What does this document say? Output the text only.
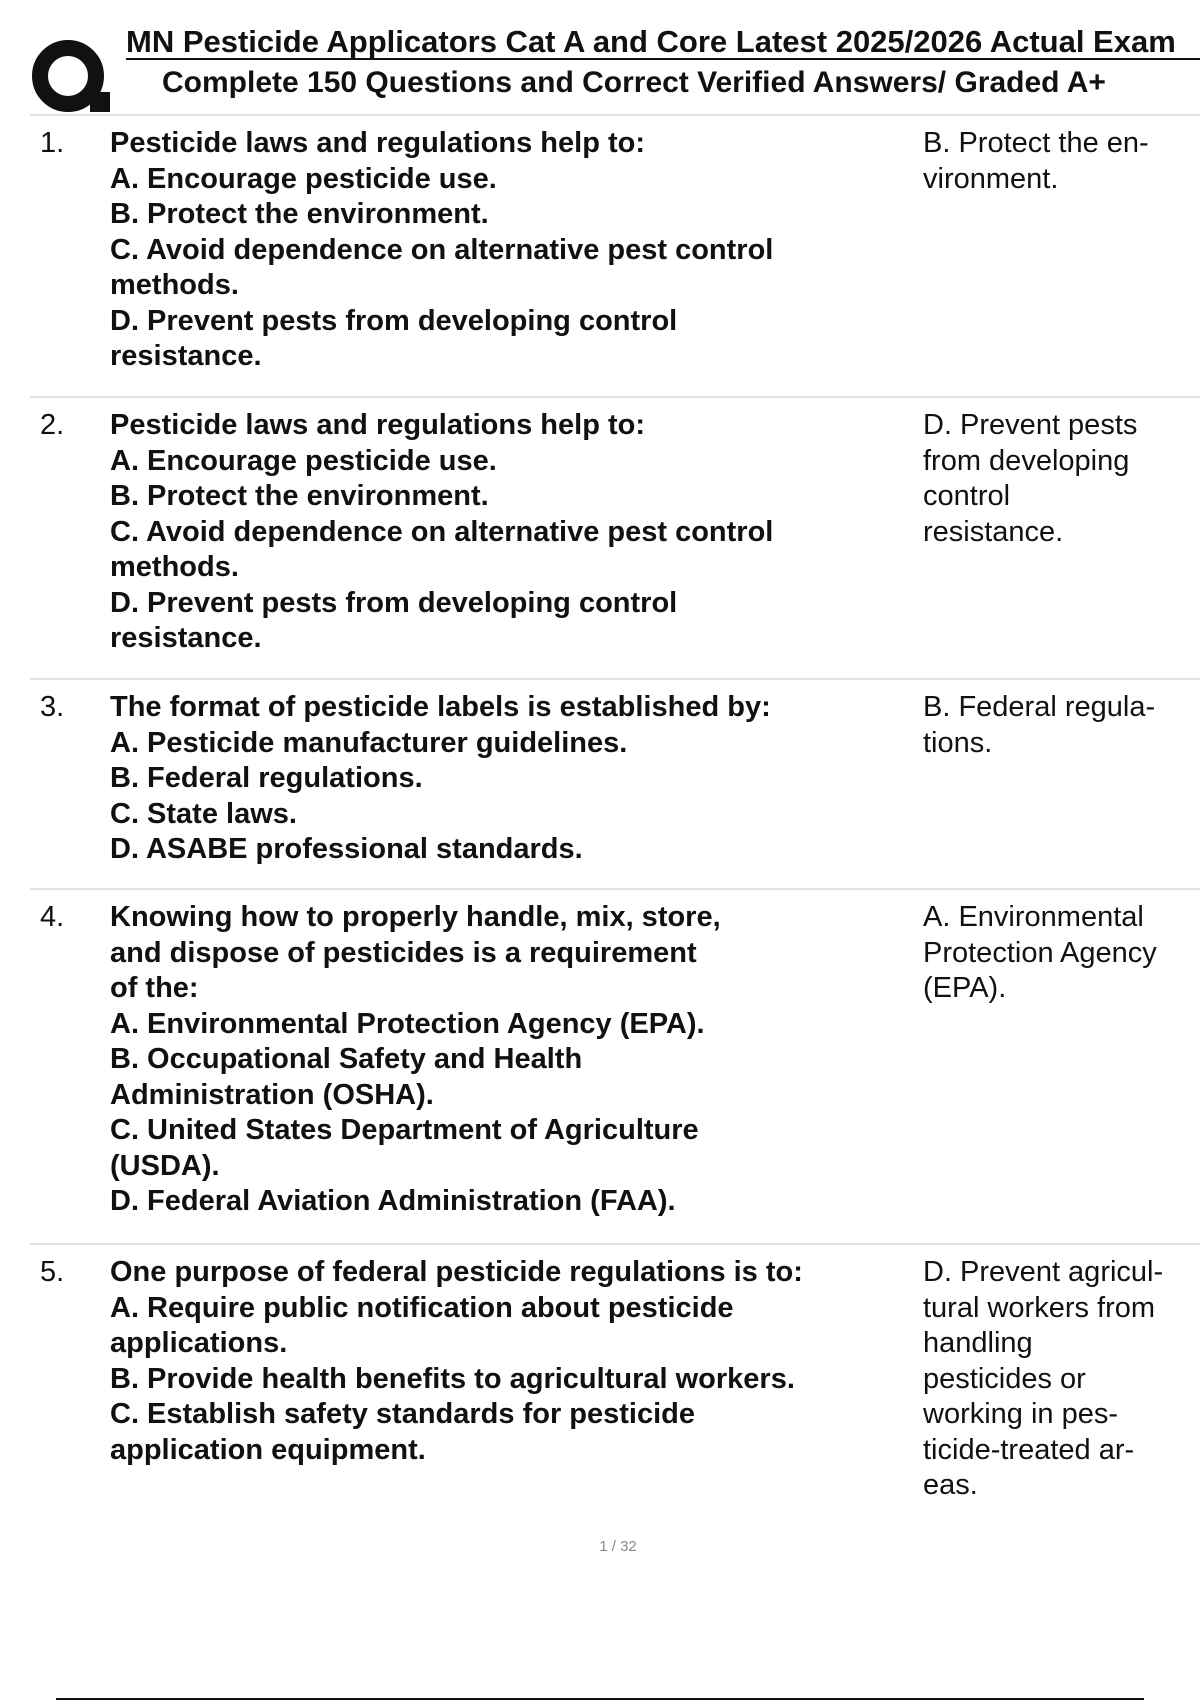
MN Pesticide Applicators Cat A and Core Latest 2025/2026 Actual Exam
Complete 150 Questions and Correct Verified Answers/ Graded A+
1. Pesticide laws and regulations help to:
A. Encourage pesticide use.
B. Protect the environment.
C. Avoid dependence on alternative pest control
methods.
D. Prevent pests from developing control
resistance.
B. Protect the en-
vironment.
2. Pesticide laws and regulations help to:
A. Encourage pesticide use.
B. Protect the environment.
C. Avoid dependence on alternative pest control
methods.
D. Prevent pests from developing control
resistance.
D. Prevent pests
from developing
control
resistance.
3. The format of pesticide labels is established by:
A. Pesticide manufacturer guidelines.
B. Federal regulations.
C. State laws.
D. ASABE professional standards.
B. Federal regula-
tions.
4. Knowing how to properly handle, mix, store,
and dispose of pesticides is a requirement
of the:
A. Environmental Protection Agency (EPA).
B. Occupational Safety and Health
Administration (OSHA).
C. United States Department of Agriculture
(USDA).
D. Federal Aviation Administration (FAA).
A. Environmental
Protection Agency
(EPA).
5. One purpose of federal pesticide regulations is to:
A. Require public notification about pesticide
applications.
B. Provide health benefits to agricultural workers.
C. Establish safety standards for pesticide
application equipment.
D. Prevent agricul-
tural workers from
handling
pesticides or
working in pes-
ticide-treated ar-
eas.
1 / 32
